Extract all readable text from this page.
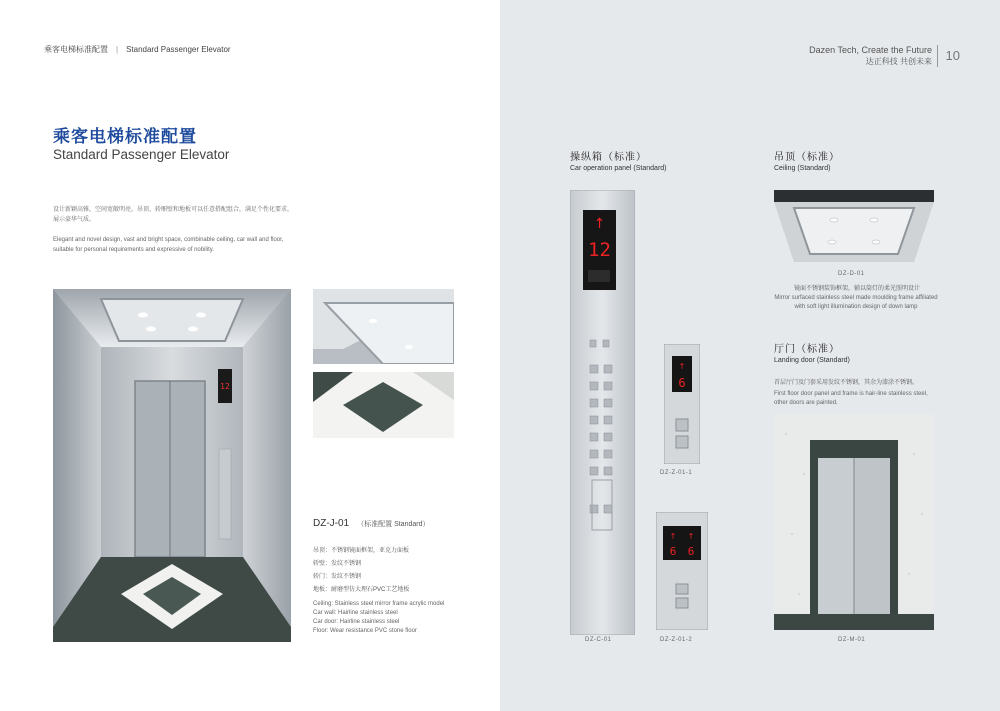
乘客电梯标准配置 | Standard Passenger Elevator
乘客电梯标准配置
Standard Passenger Elevator
设计新颖高雅，空间宽敞明亮，吊顶、轿厢壁和地板可以任意搭配组合，满足个性化要求，展示豪华气质。
Elegant and novel design, vast and bright space, combinable ceiling, car wall and floor, suitable for personal requirements and expressive of nobility.
12
DZ-J-01 （标准配置 Standard）
吊顶：不锈钢镜面框架，亚克力面板
轿壁：发纹不锈钢
轿门：发纹不锈钢
地板：耐磨型仿大理石PVC工艺地板
Ceiling: Stainless steel mirror frame acrylic model
Car wall: Hairline stainless steel
Car door: Hairline stainless steel
Floor: Wear resistance PVC stone floor
Dazen Tech, Create the Future
达正科技 共创未来	10
操纵箱（标准）
Car operation panel (Standard)
↑
12
DZ-C-01
↑
6
DZ-Z-01-1
↑ ↑
6 6
DZ-Z-01-2
吊顶（标准）
Ceiling (Standard)
DZ-D-01
镜面不锈钢装饰框架，辅以筒灯的柔光照明设计
Mirror surfaced stainless steel made moulding frame affiliated with soft light illumination design of down lamp
厅门（标准）
Landing door (Standard)
首层厅门及门套采用发纹不锈钢，其余为漆涂不锈钢。
First floor door panel and frame is hair-line stainless steel, other doors are painted.
DZ-M-01
